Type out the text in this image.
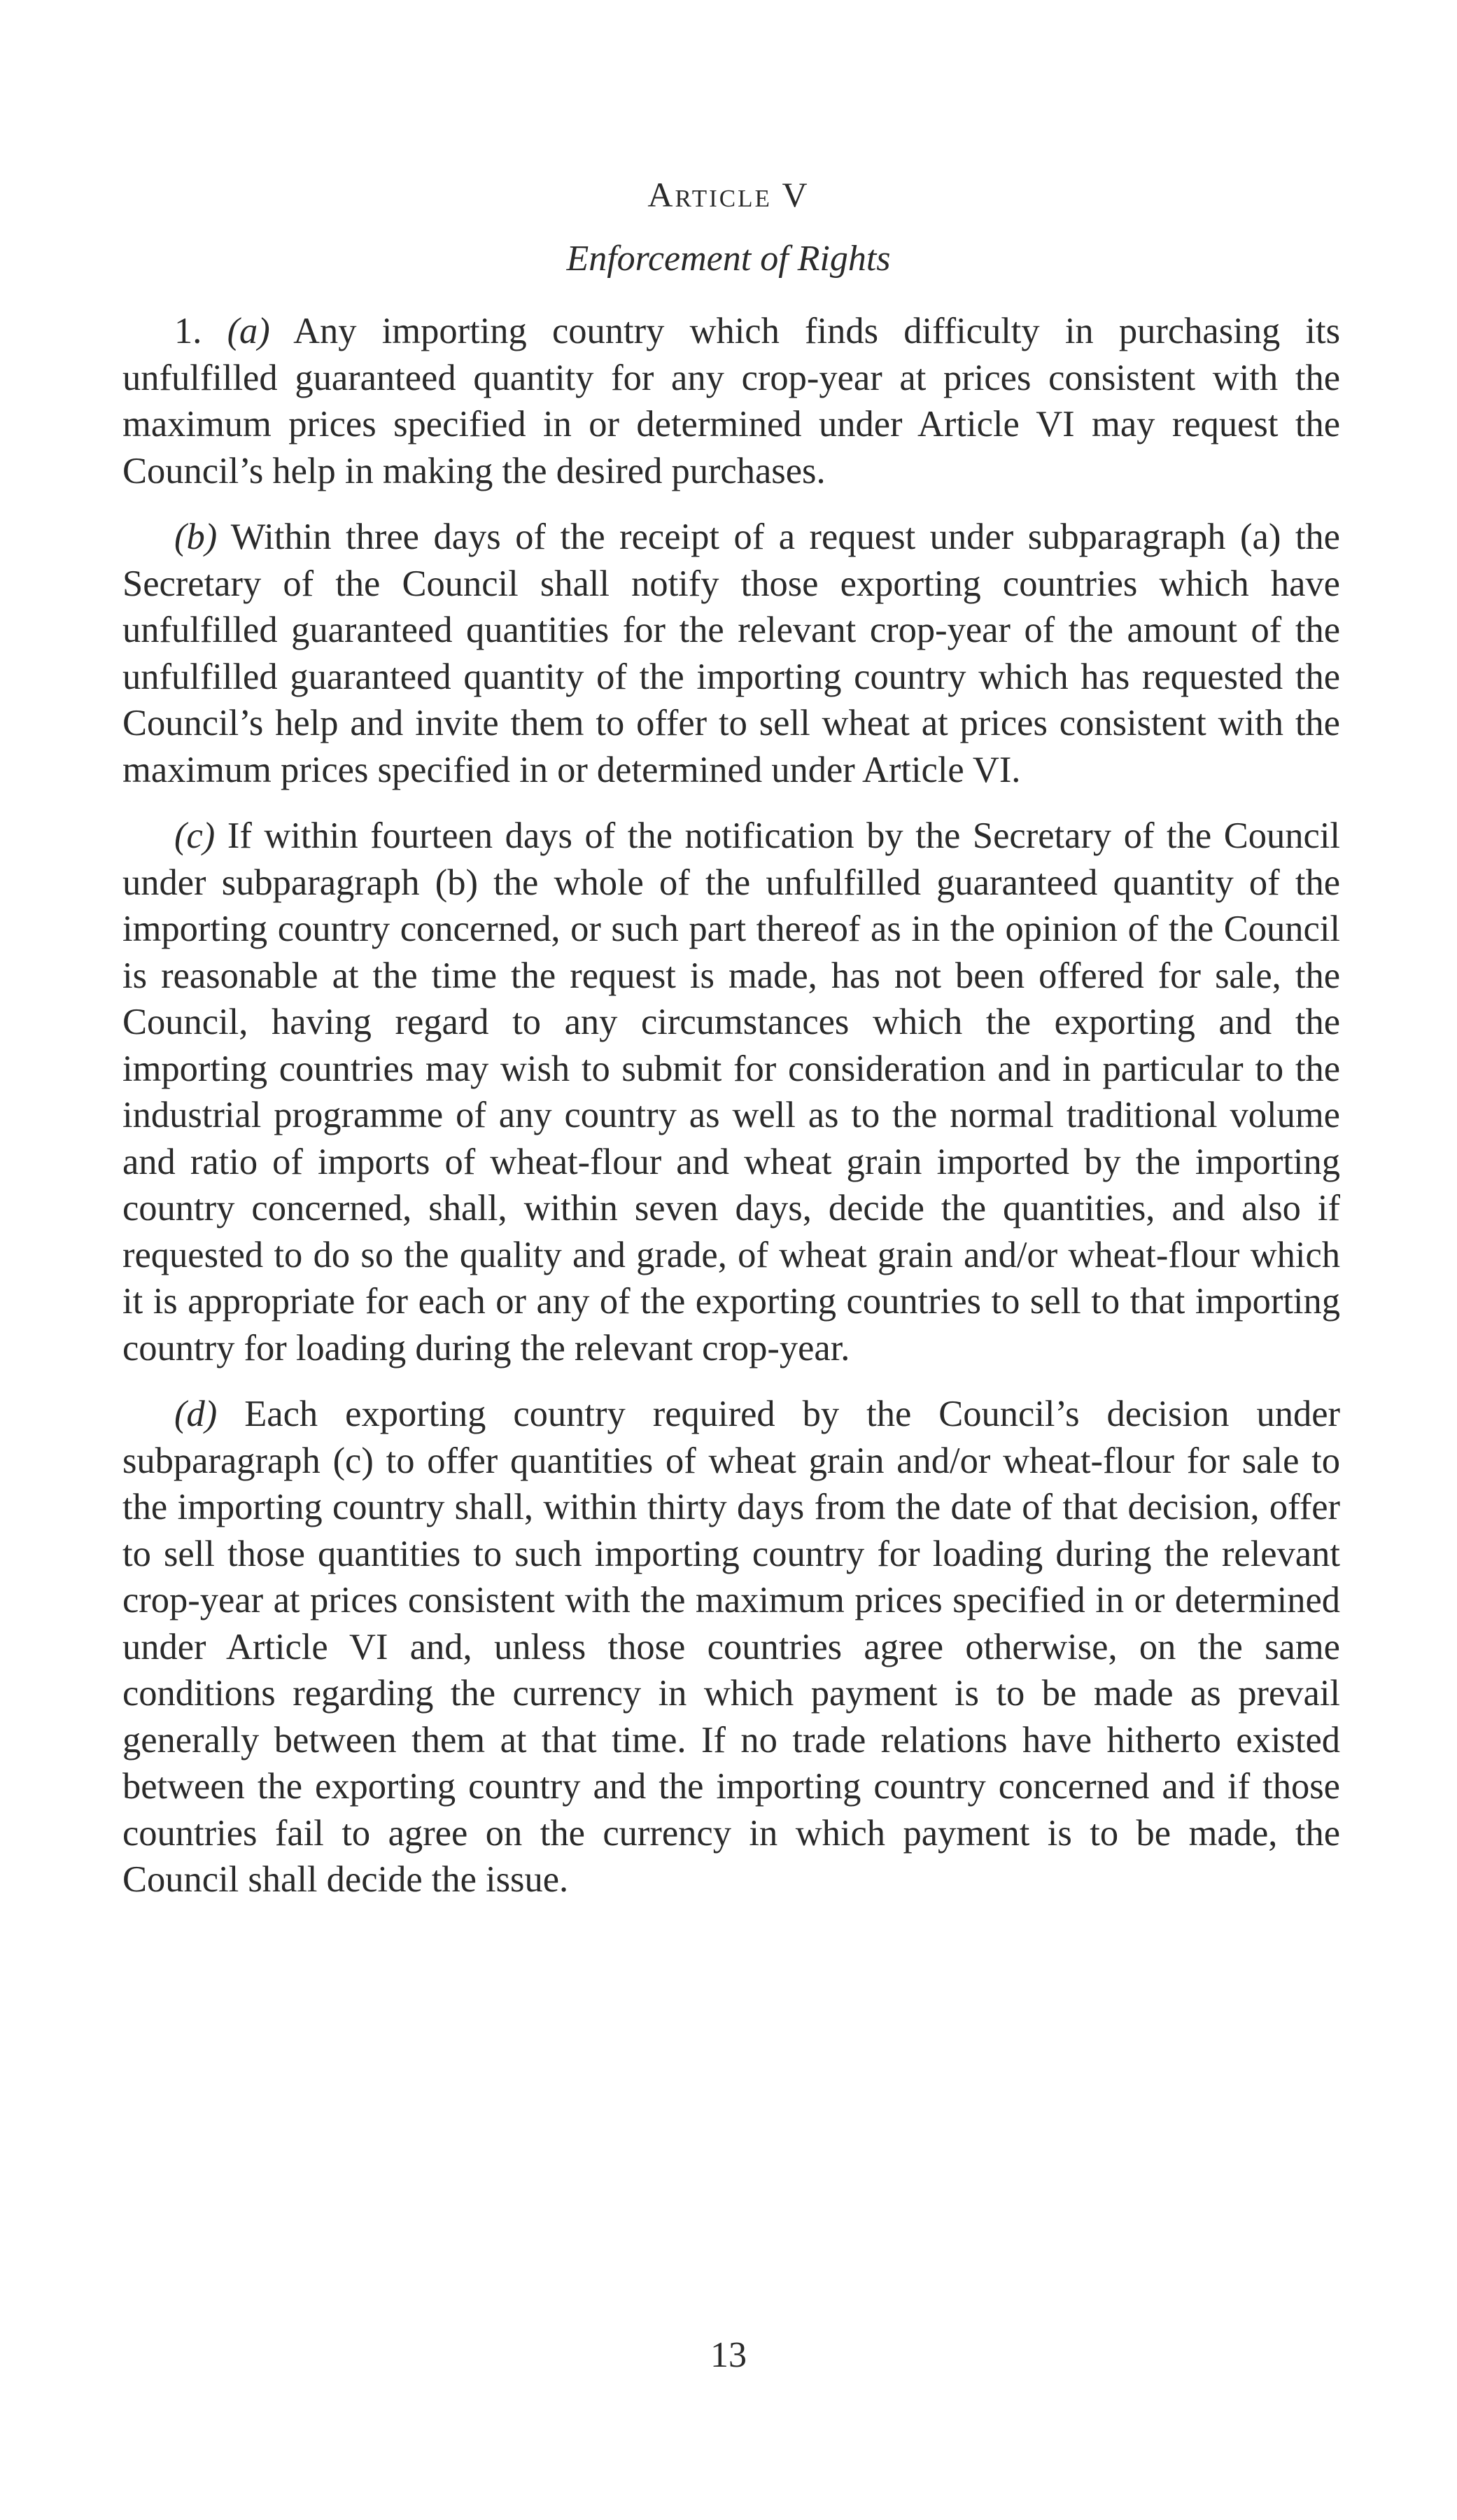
Article V
Enforcement of Rights

1. (a) Any importing country which finds difficulty in purchasing its unfulfilled guaranteed quantity for any crop-year at prices consistent with the maximum prices specified in or determined under Article VI may request the Council’s help in making the desired purchases.

(b) Within three days of the receipt of a request under subparagraph (a) the Secretary of the Council shall notify those exporting countries which have unfulfilled guaranteed quantities for the relevant crop-year of the amount of the unfulfilled guaranteed quantity of the importing country which has requested the Council’s help and invite them to offer to sell wheat at prices consistent with the maximum prices specified in or determined under Article VI.

(c) If within fourteen days of the notification by the Secretary of the Council under subparagraph (b) the whole of the unfulfilled guaranteed quantity of the importing country concerned, or such part thereof as in the opinion of the Council is reasonable at the time the request is made, has not been offered for sale, the Council, having regard to any circumstances which the exporting and the importing countries may wish to submit for consideration and in particular to the industrial programme of any country as well as to the normal traditional volume and ratio of imports of wheat-flour and wheat grain imported by the importing country concerned, shall, within seven days, decide the quantities, and also if requested to do so the quality and grade, of wheat grain and/or wheat-flour which it is appropriate for each or any of the exporting countries to sell to that importing country for loading during the relevant crop-year.

(d) Each exporting country required by the Council’s decision under subparagraph (c) to offer quantities of wheat grain and/or wheat-flour for sale to the importing country shall, within thirty days from the date of that decision, offer to sell those quantities to such importing country for loading during the relevant crop-year at prices consistent with the maximum prices specified in or determined under Article VI and, unless those countries agree otherwise, on the same conditions regarding the currency in which payment is to be made as prevail generally between them at that time. If no trade relations have hitherto existed between the exporting country and the importing country concerned and if those countries fail to agree on the currency in which payment is to be made, the Council shall decide the issue.

13
